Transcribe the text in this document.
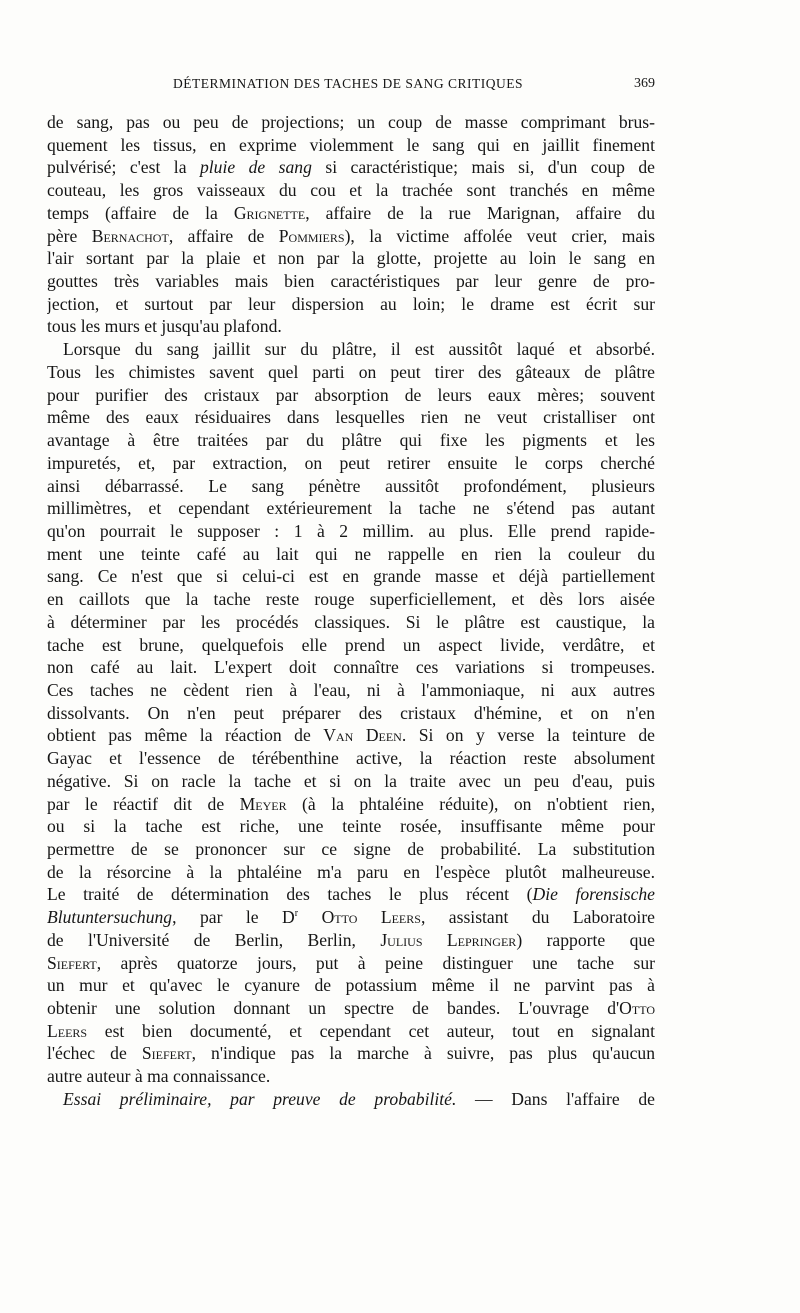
DÉTERMINATION DES TACHES DE SANG CRITIQUES	369

de sang, pas ou peu de projections; un coup de masse comprimant brus-

quement les tissus, en exprime violemment le sang qui en jaillit finement

pulvérisé; c'est la pluie de sang si caractéristique; mais si, d'un coup de

couteau, les gros vaisseaux du cou et la trachée sont tranchés en même

temps (affaire de la Grignette, affaire de la rue Marignan, affaire du

père Bernachot, affaire de Pommiers), la victime affolée veut crier, mais

l'air sortant par la plaie et non par la glotte, projette au loin le sang en

gouttes très variables mais bien caractéristiques par leur genre de pro-

jection, et surtout par leur dispersion au loin; le drame est écrit sur

tous les murs et jusqu'au plafond.

Lorsque du sang jaillit sur du plâtre, il est aussitôt laqué et absorbé.

Tous les chimistes savent quel parti on peut tirer des gâteaux de plâtre

pour purifier des cristaux par absorption de leurs eaux mères; souvent

même des eaux résiduaires dans lesquelles rien ne veut cristalliser ont

avantage à être traitées par du plâtre qui fixe les pigments et les

impuretés, et, par extraction, on peut retirer ensuite le corps cherché

ainsi débarrassé. Le sang pénètre aussitôt profondément, plusieurs

millimètres, et cependant extérieurement la tache ne s'étend pas autant

qu'on pourrait le supposer : 1 à 2 millim. au plus. Elle prend rapide-

ment une teinte café au lait qui ne rappelle en rien la couleur du

sang. Ce n'est que si celui-ci est en grande masse et déjà partiellement

en caillots que la tache reste rouge superficiellement, et dès lors aisée

à déterminer par les procédés classiques. Si le plâtre est caustique, la

tache est brune, quelquefois elle prend un aspect livide, verdâtre, et

non café au lait. L'expert doit connaître ces variations si trompeuses.

Ces taches ne cèdent rien à l'eau, ni à l'ammoniaque, ni aux autres

dissolvants. On n'en peut préparer des cristaux d'hémine, et on n'en

obtient pas même la réaction de Van Deen. Si on y verse la teinture de

Gayac et l'essence de térébenthine active, la réaction reste absolument

négative. Si on racle la tache et si on la traite avec un peu d'eau, puis

par le réactif dit de Meyer (à la phtaléine réduite), on n'obtient rien,

ou si la tache est riche, une teinte rosée, insuffisante même pour

permettre de se prononcer sur ce signe de probabilité. La substitution

de la résorcine à la phtaléine m'a paru en l'espèce plutôt malheureuse.

Le traité de détermination des taches le plus récent (Die forensische

Blutuntersuchung, par le $D^r$ Otto Leers, assistant du Laboratoire

de l'Université de Berlin, Berlin, Julius Lepringer) rapporte que

Siefert, après quatorze jours, put à peine distinguer une tache sur

un mur et qu'avec le cyanure de potassium même il ne parvint pas à

obtenir une solution donnant un spectre de bandes. L'ouvrage d'Otto

Leers est bien documenté, et cependant cet auteur, tout en signalant

l'échec de Siefert, n'indique pas la marche à suivre, pas plus qu'aucun

autre auteur à ma connaissance.

Essai préliminaire, par preuve de probabilité. — Dans l'affaire de
